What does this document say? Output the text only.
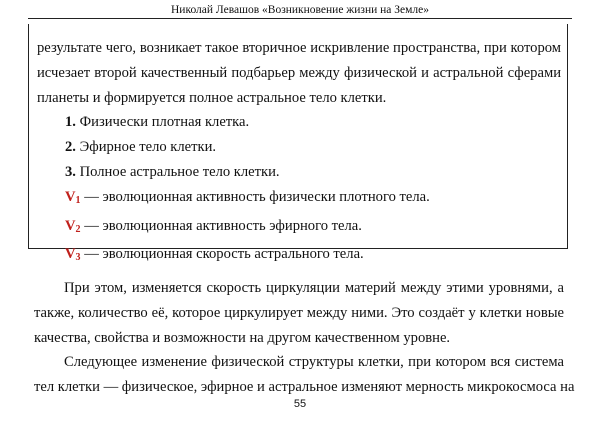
Николай Левашов «Возникновение жизни на Земле»

результате чего, возникает такое вторичное искривление пространства, при котором
исчезает второй качественный подбарьер между физической и астральной сферами
планеты и формируется полное астральное тело клетки.

1. Физически плотная клетка.
2. Эфирное тело клетки.
3. Полное астральное тело клетки.
$V_1$ — эволюционная активность физически плотного тела.
$V_2$ — эволюционная активность эфирного тела.
$V_3$ — эволюционная скорость астрального тела.

При этом, изменяется скорость циркуляции материй между этими уровнями, а
также, количество её, которое циркулирует между ними. Это создаёт у клетки новые
качества, свойства и возможности на другом качественном уровне.

Следующее изменение физической структуры клетки, при котором вся система
тел клетки — физическое, эфирное и астральное изменяют мерность микрокосмоса на

55
